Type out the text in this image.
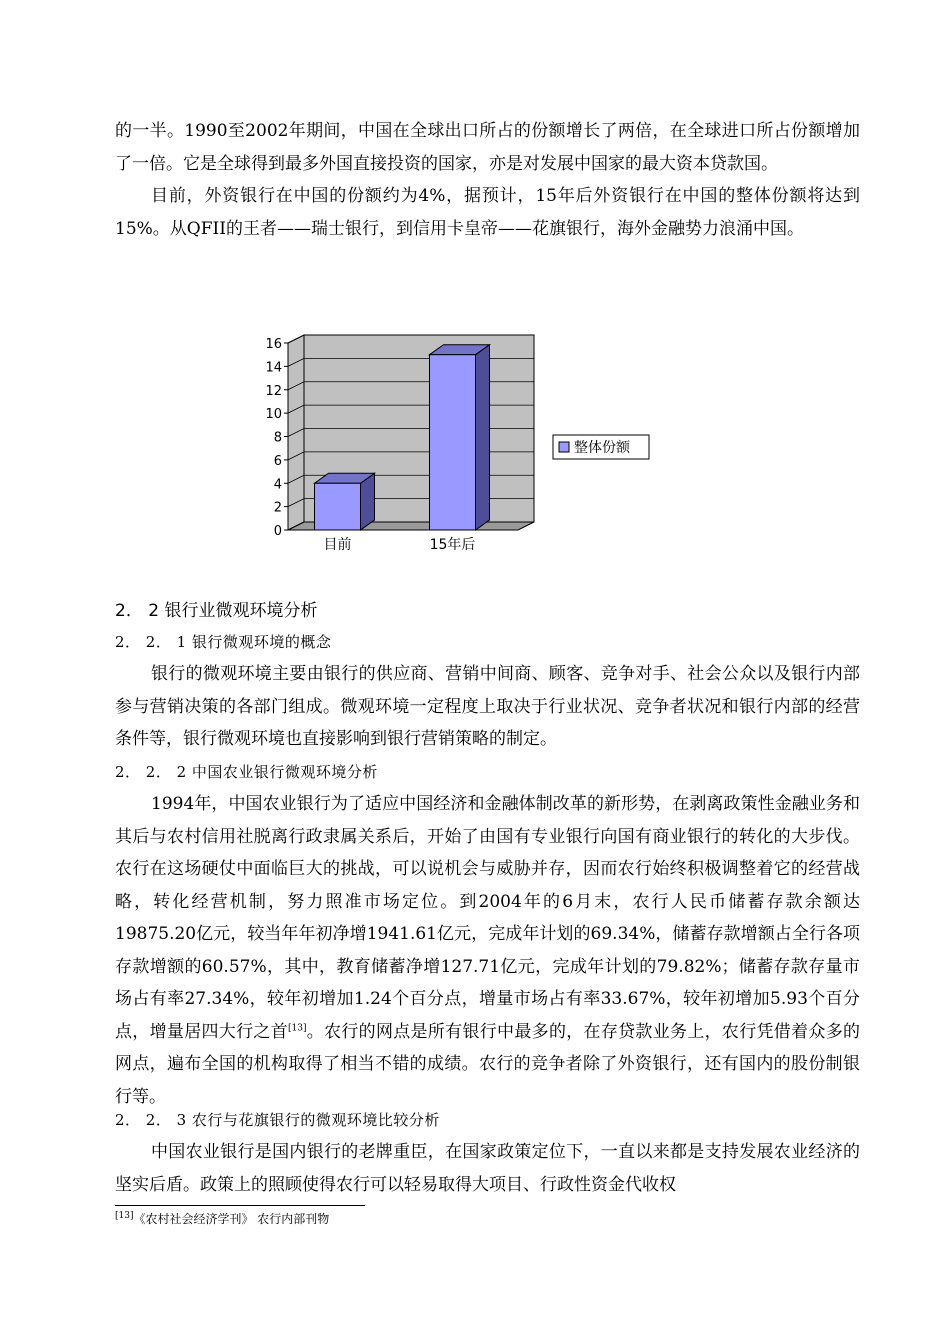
的一半。1990至2002年期间，中国在全球出口所占的份额增长了两倍，在全球进口所占份额增加了一倍。它是全球得到最多外国直接投资的国家，亦是对发展中国家的最大资本贷款国。

目前，外资银行在中国的份额约为4%，据预计，15年后外资银行在中国的整体份额将达到15%。从QFII的王者——瑞士银行，到信用卡皇帝——花旗银行，海外金融势力浪涌中国。

0
2
4
6
8
10
12
14
16
目前	15年后
整体份额
2． 2 银行业微观环境分析
2． 2． 1 银行微观环境的概念

银行的微观环境主要由银行的供应商、营销中间商、顾客、竞争对手、社会公众以及银行内部参与营销决策的各部门组成。微观环境一定程度上取决于行业状况、竞争者状况和银行内部的经营条件等，银行微观环境也直接影响到银行营销策略的制定。

2． 2． 2 中国农业银行微观环境分析

1994年，中国农业银行为了适应中国经济和金融体制改革的新形势，在剥离政策性金融业务和其后与农村信用社脱离行政隶属关系后，开始了由国有专业银行向国有商业银行的转化的大步伐。农行在这场硬仗中面临巨大的挑战，可以说机会与威胁并存，因而农行始终积极调整着它的经营战略，转化经营机制，努力照准市场定位。到2004年的6月末，农行人民币储蓄存款余额达19875.20亿元，较当年年初净增1941.61亿元，完成年计划的69.34%，储蓄存款增额占全行各项存款增额的60.57%，其中，教育储蓄净增127.71亿元，完成年计划的79.82%；储蓄存款存量市场占有率27.34%，较年初增加1.24个百分点，增量市场占有率33.67%，较年初增加5.93个百分点，增量居四大行之首[13]。农行的网点是所有银行中最多的，在存贷款业务上，农行凭借着众多的网点，遍布全国的机构取得了相当不错的成绩。农行的竞争者除了外资银行，还有国内的股份制银行等。

2． 2． 3 农行与花旗银行的微观环境比较分析

中国农业银行是国内银行的老牌重臣，在国家政策定位下，一直以来都是支持发展农业经济的坚实后盾。政策上的照顾使得农行可以轻易取得大项目、行政性资金代收权

[13]《农村社会经济学刊》 农行内部刊物
